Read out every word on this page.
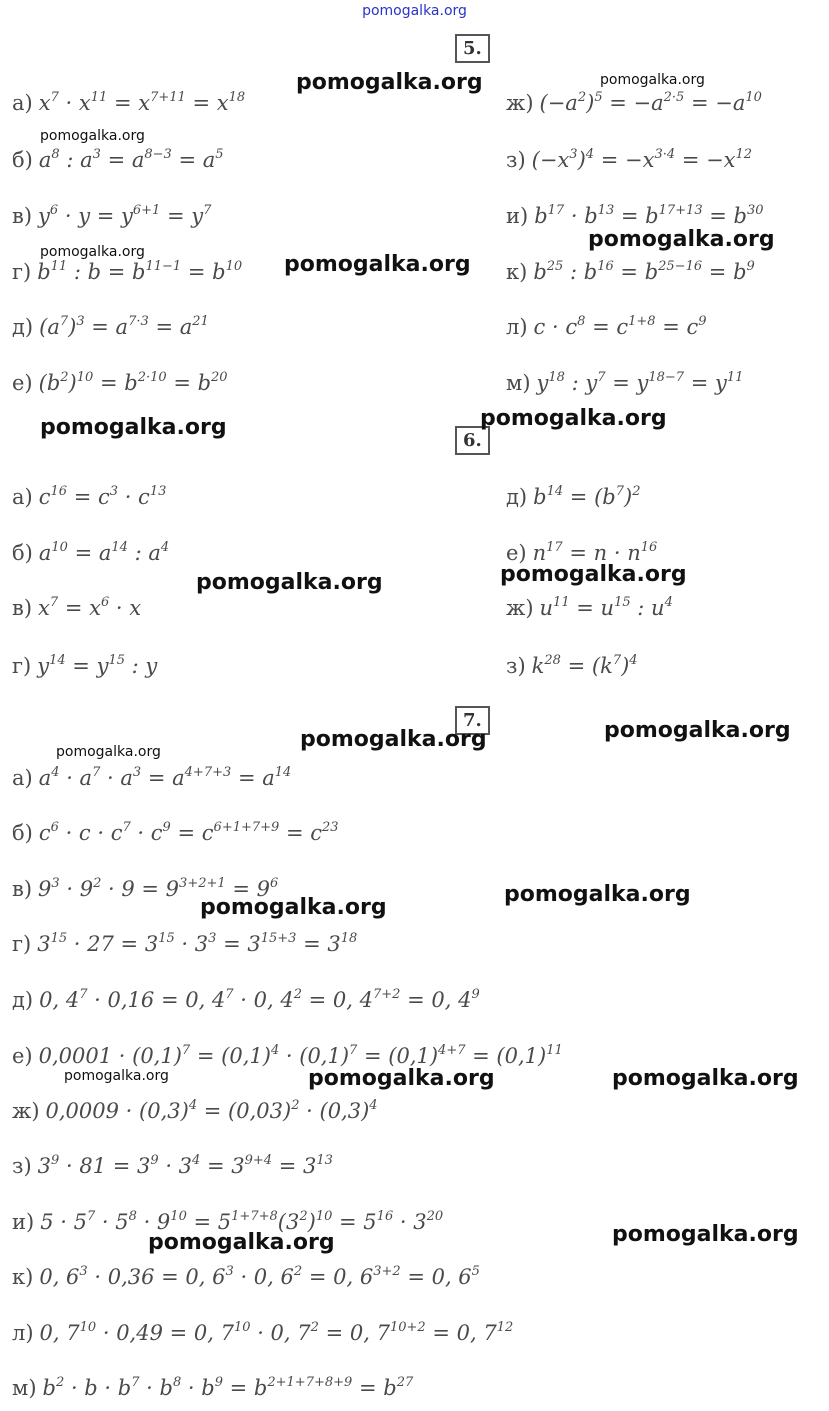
pomogalka.org
5.
6.
7.
а) $x^7 \cdot x^{11} = x^{7+11} = x^{18}$
б) $a^8$ : $a^3 = a^{8-3} = a^5$
в) $y^6 \cdot y = y^{6+1} = y^7$
г) $b^{11}$ : $b = b^{11-1} = b^{10}$
д) $(a^7)^3 = a^{7\cdot 3} = a^{21}$
е) $(b^2)^{10} = b^{2\cdot 10} = b^{20}$
ж) $(-a^2)^5 = -a^{2\cdot 5} = -a^{10}$
з) $(-x^3)^4 = -x^{3\cdot 4} = -x^{12}$
и) $b^{17} \cdot b^{13} = b^{17+13} = b^{30}$
к) $b^{25}$ : $b^{16} = b^{25-16} = b^9$
л) $c \cdot c^8 = c^{1+8} = c^9$
м) $y^{18}$ : $y^7 = y^{18-7} = y^{11}$
а) $c^{16} = c^3 \cdot c^{13}$
б) $a^{10} = a^{14}$ : $a^4$
в) $x^7 = x^6 \cdot x$
г) $y^{14} = y^{15}$ : y
д) $b^{14} = (b^7)^2$
е) $n^{17} = n \cdot n^{16}$
ж) $u^{11} = u^{15}$ : $u^4$
з) $k^{28} = (k^7)^4$
а) $a^4 \cdot a^7 \cdot a^3 = a^{4+7+3} = a^{14}$
б) $c^6 \cdot c \cdot c^7 \cdot c^9 = c^{6+1+7+9} = c^{23}$
в) $9^3 \cdot 9^2 \cdot 9 = 9^{3+2+1} = 9^6$
г) $3^{15} \cdot 27 = 3^{15} \cdot 3^3 = 3^{15+3} = 3^{18}$
д) 0, $4^7 \cdot 0,16 = 0$, $4^7 \cdot 0$, $4^2 = 0$, $4^{7+2} = 0$, $4^9$
е) $0,0001 \cdot (0,1)^7 = (0,1)^4 \cdot (0,1)^7 = (0,1)^{4+7} = (0,1)^{11}$
ж) $0,0009 \cdot (0,3)^4 = (0,03)^2 \cdot (0,3)^4$
з) $3^9 \cdot 81 = 3^9 \cdot 3^4 = 3^{9+4} = 3^{13}$
и) $5 \cdot 5^7 \cdot 5^8 \cdot 9^{10} = 5^{1+7+8}(3^2)^{10} = 5^{16} \cdot 3^{20}$
к) 0, $6^3 \cdot 0,36 = 0$, $6^3 \cdot 0$, $6^2 = 0$, $6^{3+2} = 0$, $6^5$
л) 0, $7^{10} \cdot 0,49 = 0$, $7^{10} \cdot 0$, $7^2 = 0$, $7^{10+2} = 0$, $7^{12}$
м) $b^2 \cdot b \cdot b^7 \cdot b^8 \cdot b^9 = b^{2+1+7+8+9} = b^{27}$
pomogalka.org	pomogalka.org
pomogalka.org
pomogalka.org
pomogalka.org	pomogalka.org
pomogalka.org
pomogalka.org
pomogalka.org
pomogalka.org
pomogalka.org
pomogalka.org
pomogalka.org
pomogalka.org
pomogalka.org
pomogalka.org	pomogalka.org	pomogalka.org
pomogalka.org
pomogalka.org
